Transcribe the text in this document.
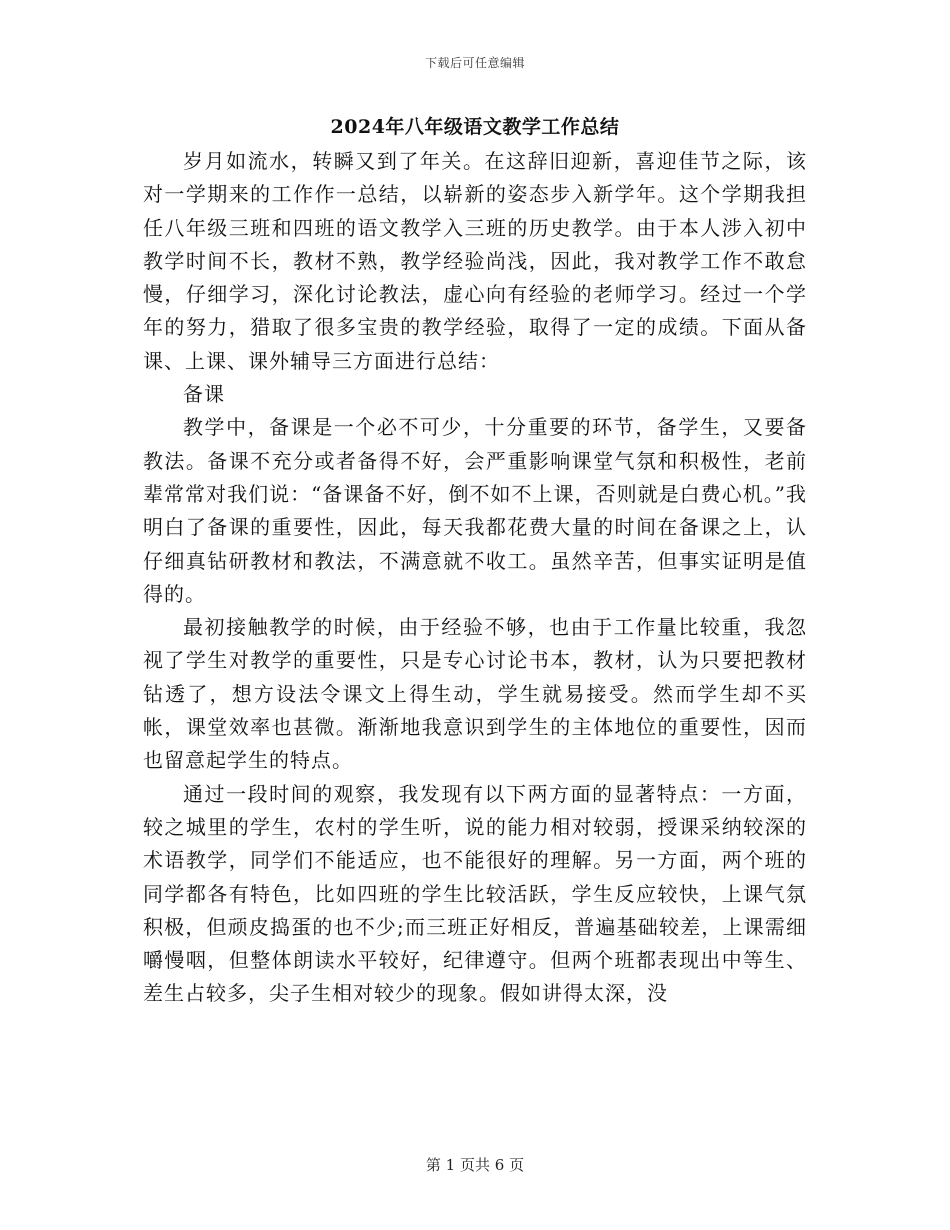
下载后可任意编辑
2024年八年级语文教学工作总结

岁月如流水，转瞬又到了年关。在这辞旧迎新，喜迎佳节之际，该对一学期来的工作作一总结，以崭新的姿态步入新学年。这个学期我担任八年级三班和四班的语文教学入三班的历史教学。由于本人涉入初中教学时间不长，教材不熟，教学经验尚浅，因此，我对教学工作不敢怠慢，仔细学习，深化讨论教法，虚心向有经验的老师学习。经过一个学年的努力，猎取了很多宝贵的教学经验，取得了一定的成绩。下面从备课、上课、课外辅导三方面进行总结：

备课

教学中，备课是一个必不可少，十分重要的环节，备学生，又要备教法。备课不充分或者备得不好，会严重影响课堂气氛和积极性，老前辈常常对我们说：“备课备不好，倒不如不上课，否则就是白费心机。”我明白了备课的重要性，因此，每天我都花费大量的时间在备课之上，认仔细真钻研教材和教法，不满意就不收工。虽然辛苦，但事实证明是值得的。

最初接触教学的时候，由于经验不够，也由于工作量比较重，我忽视了学生对教学的重要性，只是专心讨论书本，教材，认为只要把教材钻透了，想方设法令课文上得生动，学生就易接受。然而学生却不买帐，课堂效率也甚微。渐渐地我意识到学生的主体地位的重要性，因而也留意起学生的特点。

通过一段时间的观察，我发现有以下两方面的显著特点：一方面，较之城里的学生，农村的学生听，说的能力相对较弱，授课采纳较深的术语教学，同学们不能适应，也不能很好的理解。另一方面，两个班的同学都各有特色，比如四班的学生比较活跃，学生反应较快，上课气氛积极，但顽皮捣蛋的也不少;而三班正好相反，普遍基础较差，上课需细嚼慢咽，但整体朗读水平较好，纪律遵守。但两个班都表现出中等生、差生占较多，尖子生相对较少的现象。假如讲得太深，没

第 1 页共 6 页
